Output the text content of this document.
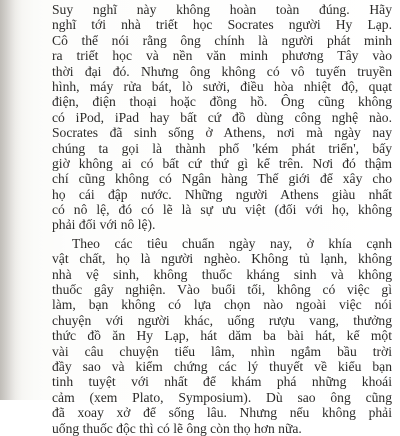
Suy nghĩ này không hoàn toàn đúng. Hãy
nghĩ tới nhà triết học Socrates người Hy Lạp.
Cô thể nói rằng ông chính là người phát minh
ra triết học và nền văn minh phương Tây vào
thời đại đó. Nhưng ông không có vô tuyến truyền
hình, máy rửa bát, lò sưởi, điều hòa nhiệt độ, quạt
điện, điện thoại hoặc đồng hồ. Ông cũng không
có iPod, iPad hay bất cứ đồ dùng công nghệ nào.
Socrates đã sinh sống ở Athens, nơi mà ngày nay
chúng ta gọi là thành phố 'kém phát triển', bấy
giờ không ai có bất cứ thứ gì kể trên. Nơi đó thậm
chí cũng không có Ngân hàng Thế giới để xây cho
họ cái đập nước. Những người Athens giàu nhất
có nô lệ, đó có lẽ là sự ưu việt (đối với họ, không
phải đối với nô lệ).

Theo các tiêu chuẩn ngày nay, ở khía cạnh
vật chất, họ là người nghèo. Không tủ lạnh, không
nhà vệ sinh, không thuốc kháng sinh và không
thuốc gây nghiện. Vào buổi tối, không có việc gì
làm, bạn không có lựa chọn nào ngoài việc nói
chuyện với người khác, uống rượu vang, thưởng
thức đồ ăn Hy Lạp, hát dăm ba bài hát, kể một
vài câu chuyện tiếu lâm, nhìn ngắm bầu trời
đầy sao và kiểm chứng các lý thuyết về kiểu bạn
tinh tuyệt với nhất để khám phá những khoái
cảm (xem Plato, Symposium). Dù sao ông cũng
đã xoay xở để sống lâu. Nhưng nếu không phải
uống thuốc độc thì có lẽ ông còn thọ hơn nữa.
